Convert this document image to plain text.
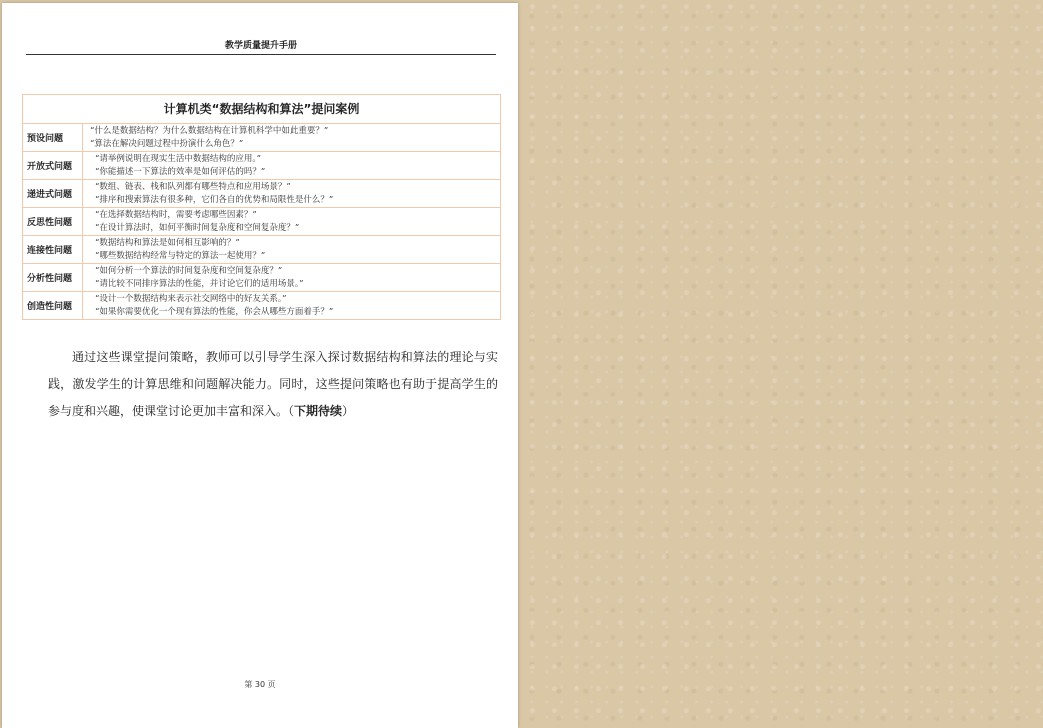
教学质量提升手册
计算机类“数据结构和算法”提问案例
预设问题
“什么是数据结构？为什么数据结构在计算机科学中如此重要？”
“算法在解决问题过程中扮演什么角色？”
开放式问题
“请举例说明在现实生活中数据结构的应用。”
“你能描述一下算法的效率是如何评估的吗？”
递进式问题
“数组、链表、栈和队列都有哪些特点和应用场景？”
“排序和搜索算法有很多种，它们各自的优势和局限性是什么？”
反思性问题
“在选择数据结构时，需要考虑哪些因素？”
“在设计算法时，如何平衡时间复杂度和空间复杂度？”
连接性问题
“数据结构和算法是如何相互影响的？”
“哪些数据结构经常与特定的算法一起使用？”
分析性问题
“如何分析一个算法的时间复杂度和空间复杂度？”
“请比较不同排序算法的性能，并讨论它们的适用场景。”
创造性问题
“设计一个数据结构来表示社交网络中的好友关系。”
“如果你需要优化一个现有算法的性能，你会从哪些方面着手？”

通过这些课堂提问策略，教师可以引导学生深入探讨数据结构和算法的理论与实践，激发学生的计算思维和问题解决能力。同时，这些提问策略也有助于提高学生的参与度和兴趣，使课堂讨论更加丰富和深入。（下期待续）

第 30 页
